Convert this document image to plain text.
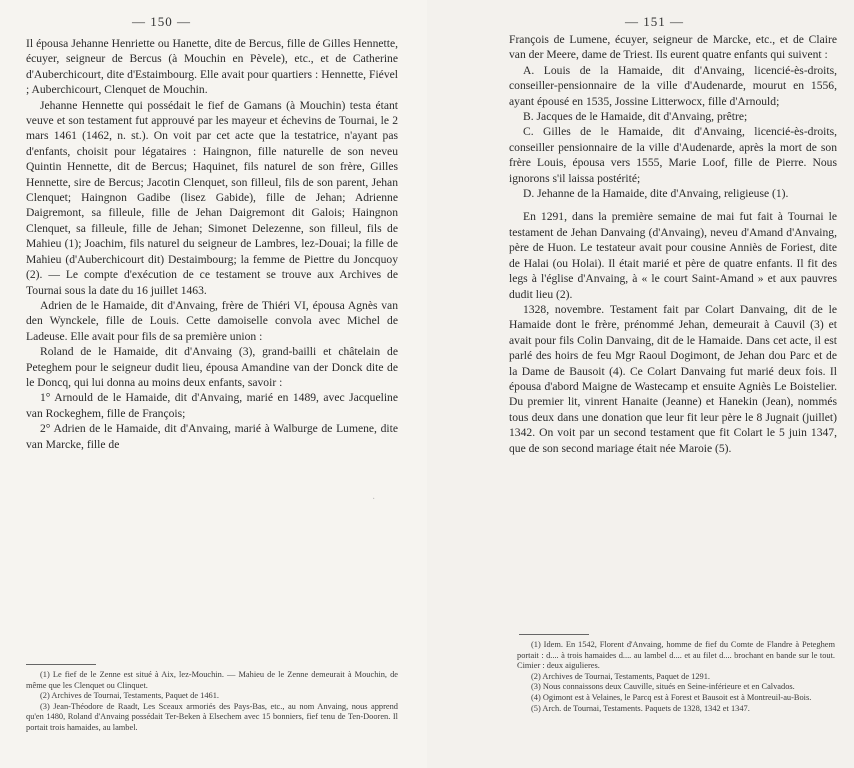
— 150 —

Il épousa Jehanne Henriette ou Hanette, dite de Bercus, fille de Gilles Hennette, écuyer, seigneur de Bercus (à Mouchin en Pèvele), etc., et de Catherine d'Auberchicourt, dite d'Estaimbourg. Elle avait pour quartiers : Hennette, Fiével ; Auberchicourt, Clenquet de Mouchin.

Jehanne Hennette qui possédait le fief de Gamans (à Mouchin) testa étant veuve et son testament fut approuvé par les mayeur et échevins de Tournai, le 2 mars 1461 (1462, n. st.). On voit par cet acte que la testatrice, n'ayant pas d'enfants, choisit pour légataires : Haingnon, fille naturelle de son neveu Quintin Hennette, dit de Bercus; Haquinet, fils naturel de son frère, Gilles Hennette, sire de Bercus; Jacotin Clenquet, son filleul, fils de son parent, Jehan Clenquet; Haingnon Gadibe (lisez Gabide), fille de Jehan; Adrienne Daigremont, sa filleule, fille de Jehan Daigremont dit Galois; Haingnon Clenquet, sa filleule, fille de Jehan; Simonet Delezenne, son filleul, fils de Mahieu (1); Joachim, fils naturel du seigneur de Lambres, lez-Douai; la fille de Mahieu (d'Auberchicourt dit) Destaimbourg; la femme de Piettre du Joncquoy (2). — Le compte d'exécution de ce testament se trouve aux Archives de Tournai sous la date du 16 juillet 1463.

Adrien de le Hamaide, dit d'Anvaing, frère de Thiéri VI, épousa Agnès van den Wynckele, fille de Louis. Cette damoiselle convola avec Michel de Ladeuse. Elle avait pour fils de sa première union :

Roland de le Hamaide, dit d'Anvaing (3), grand-bailli et châtelain de Peteghem pour le seigneur dudit lieu, épousa Amandine van der Donck dite de le Doncq, qui lui donna au moins deux enfants, savoir :

1° Arnould de le Hamaide, dit d'Anvaing, marié en 1489, avec Jacqueline van Rockeghem, fille de François;

2° Adrien de le Hamaide, dit d'Anvaing, marié à Walburge de Lumene, dite van Marcke, fille de

(1) Le fief de le Zenne est situé à Aix, lez-Mouchin. — Mahieu de le Zenne demeurait à Mouchin, de même que les Clenquet ou Clinquet.

(2) Archives de Tournai, Testaments, Paquet de 1461.

(3) Jean-Théodore de Raadt, Les Sceaux armoriés des Pays-Bas, etc., au nom Anvaing, nous apprend qu'en 1480, Roland d'Anvaing possédait Ter-Beken à Elsechem avec 15 bonniers, fief tenu de Ten-Dooren. Il portait trois hamaides, au lambel.

·
— 151 —

François de Lumene, écuyer, seigneur de Marcke, etc., et de Claire van der Meere, dame de Triest. Ils eurent quatre enfants qui suivent :

A. Louis de la Hamaide, dit d'Anvaing, licencié-ès-droits, conseiller-pensionnaire de la ville d'Audenarde, mourut en 1556, ayant épousé en 1535, Jossine Litterwocx, fille d'Arnould;

B. Jacques de le Hamaide, dit d'Anvaing, prêtre;

C. Gilles de le Hamaide, dit d'Anvaing, licencié-ès-droits, conseiller pensionnaire de la ville d'Audenarde, après la mort de son frère Louis, épousa vers 1555, Marie Loof, fille de Pierre. Nous ignorons s'il laissa postérité;

D. Jehanne de la Hamaide, dite d'Anvaing, religieuse (1).

En 1291, dans la première semaine de mai fut fait à Tournai le testament de Jehan Danvaing (d'Anvaing), neveu d'Amand d'Anvaing, père de Huon. Le testateur avait pour cousine Anniès de Foriest, dite de Halai (ou Holai). Il était marié et père de quatre enfants. Il fit des legs à l'église d'Anvaing, à « le court Saint-Amand » et aux pauvres dudit lieu (2).

1328, novembre. Testament fait par Colart Danvaing, dit de le Hamaide dont le frère, prénommé Jehan, demeurait à Cauvil (3) et avait pour fils Colin Danvaing, dit de le Hamaide. Dans cet acte, il est parlé des hoirs de feu Mgr Raoul Dogimont, de Jehan dou Parc et de la Dame de Bausoit (4). Ce Colart Danvaing fut marié deux fois. Il épousa d'abord Maigne de Wastecamp et ensuite Agniès Le Boistelier. Du premier lit, vinrent Hanaite (Jeanne) et Hanekin (Jean), nommés tous deux dans une donation que leur fit leur père le 8 Jugnait (juillet) 1342. On voit par un second testament que fit Colart le 5 juin 1347, que de son second mariage était née Maroie (5).

(1) Idem. En 1542, Florent d'Anvaing, homme de fief du Comte de Flandre à Peteghem portait : d.... à trois hamaides d.... au lambel d.... et au filet d.... brochant en bande sur le tout. Cimier : deux aigulieres.

(2) Archives de Tournai, Testaments, Paquet de 1291.

(3) Nous connaissons deux Cauville, situés en Seine-inférieure et en Calvados.

(4) Ogimont est à Velaines, le Parcq est à Forest et Bausoit est à Montreuil-au-Bois.

(5) Arch. de Tournai, Testaments. Paquets de 1328, 1342 et 1347.
